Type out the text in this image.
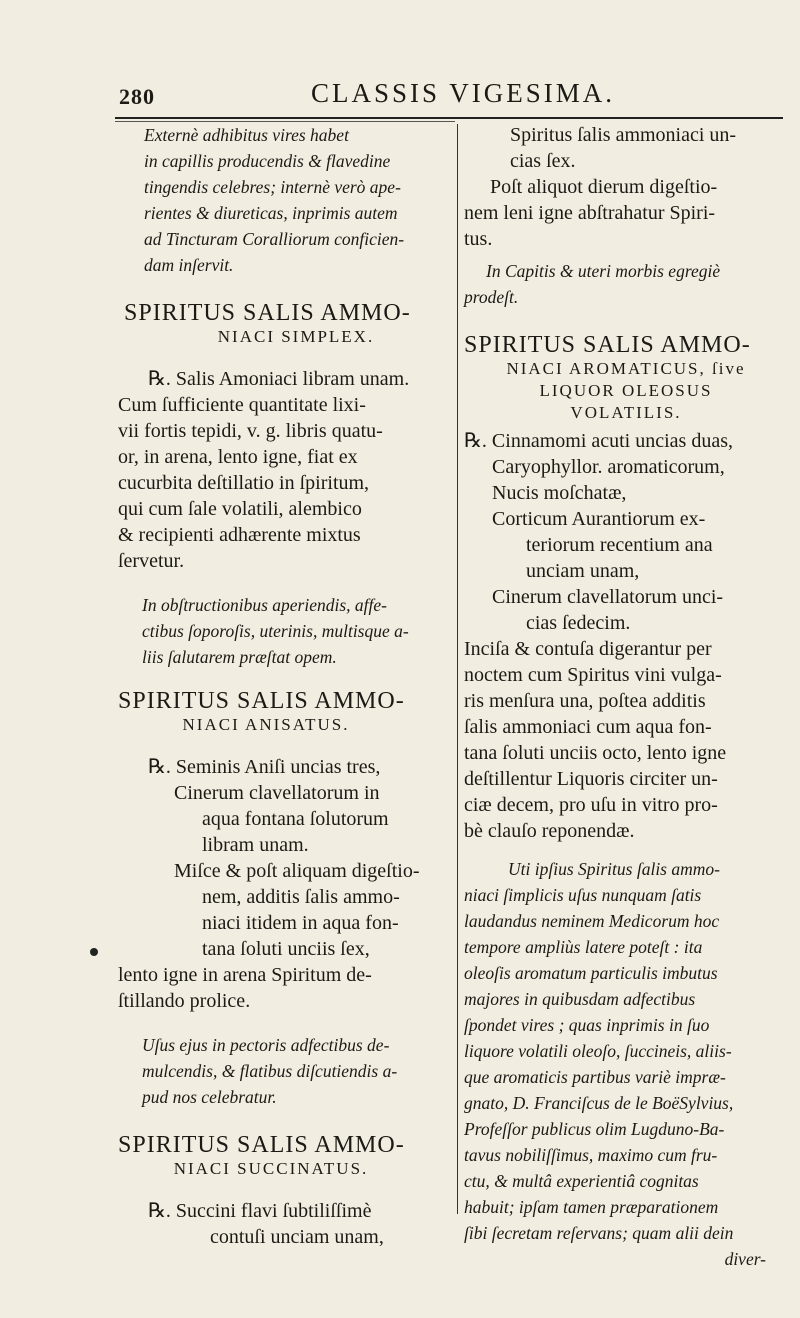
280	CLASSIS VIGESIMA.
Externè adhibitus vires habet
in capillis producendis & flavedine
tingendis celebres; internè verò ape-
rientes & diureticas, inprimis autem
ad Tincturam Coralliorum conficien-
dam inſervit.
SPIRITUS SALIS AMMO-
NIACI SIMPLEX.
℞. Salis Amoniaci libram unam.
Cum ſufficiente quantitate lixi-
vii fortis tepidi, v. g. libris quatu-
or, in arena, lento igne, fiat ex
cucurbita deſtillatio in ſpiritum,
qui cum ſale volatili, alembico
& recipienti adhærente mixtus
ſervetur.
In obſtructionibus aperiendis, affe-
ctibus ſoporoſis, uterinis, multisque a-
liis ſalutarem præſtat opem.
SPIRITUS SALIS AMMO-
NIACI ANISATUS.
℞. Seminis Aniſi uncias tres,
Cinerum clavellatorum in
aqua fontana ſolutorum
libram unam.
Miſce & poſt aliquam digeſtio-
nem, additis ſalis ammo-
niaci itidem in aqua fon-
tana ſoluti unciis ſex,
lento igne in arena Spiritum de-
ſtillando prolice.
Uſus ejus in pectoris adfectibus de-
mulcendis, & flatibus diſcutiendis a-
pud nos celebratur.
SPIRITUS SALIS AMMO-
NIACI SUCCINATUS.
℞. Succini flavi ſubtiliſſimè
contuſi unciam unam,
Spiritus ſalis ammoniaci un-
cias ſex.
Poſt aliquot dierum digeſtio-
nem leni igne abſtrahatur Spiri-
tus.
In Capitis & uteri morbis egregiè
prodeſt.
SPIRITUS SALIS AMMO-
NIACI AROMATICUS, ſive
LIQUOR OLEOSUS
VOLATILIS.
℞. Cinnamomi acuti uncias duas,
Caryophyllor. aromaticorum,
Nucis moſchatæ,
Corticum Aurantiorum ex-
teriorum recentium ana
unciam unam,
Cinerum clavellatorum unci-
cias ſedecim.
Inciſa & contuſa digerantur per
noctem cum Spiritus vini vulga-
ris menſura una, poſtea additis
ſalis ammoniaci cum aqua fon-
tana ſoluti unciis octo, lento igne
deſtillentur Liquoris circiter un-
ciæ decem, pro uſu in vitro pro-
bè clauſo reponendæ.
Uti ipſius Spiritus ſalis ammo-
niaci ſimplicis uſus nunquam ſatis
laudandus neminem Medicorum hoc
tempore ampliùs latere poteſt : ita
oleoſis aromatum particulis imbutus
majores in quibusdam adfectibus
ſpondet vires ; quas inprimis in ſuo
liquore volatili oleoſo, ſuccineis, aliis-
que aromaticis partibus variè impræ-
gnato, D. Franciſcus de le BoëSylvius,
Profeſſor publicus olim Lugduno-Ba-
tavus nobiliſſimus, maximo cum fru-
ctu, & multâ experientiâ cognitas
habuit; ipſam tamen præparationem
ſibi ſecretam reſervans; quam alii dein
diver-
